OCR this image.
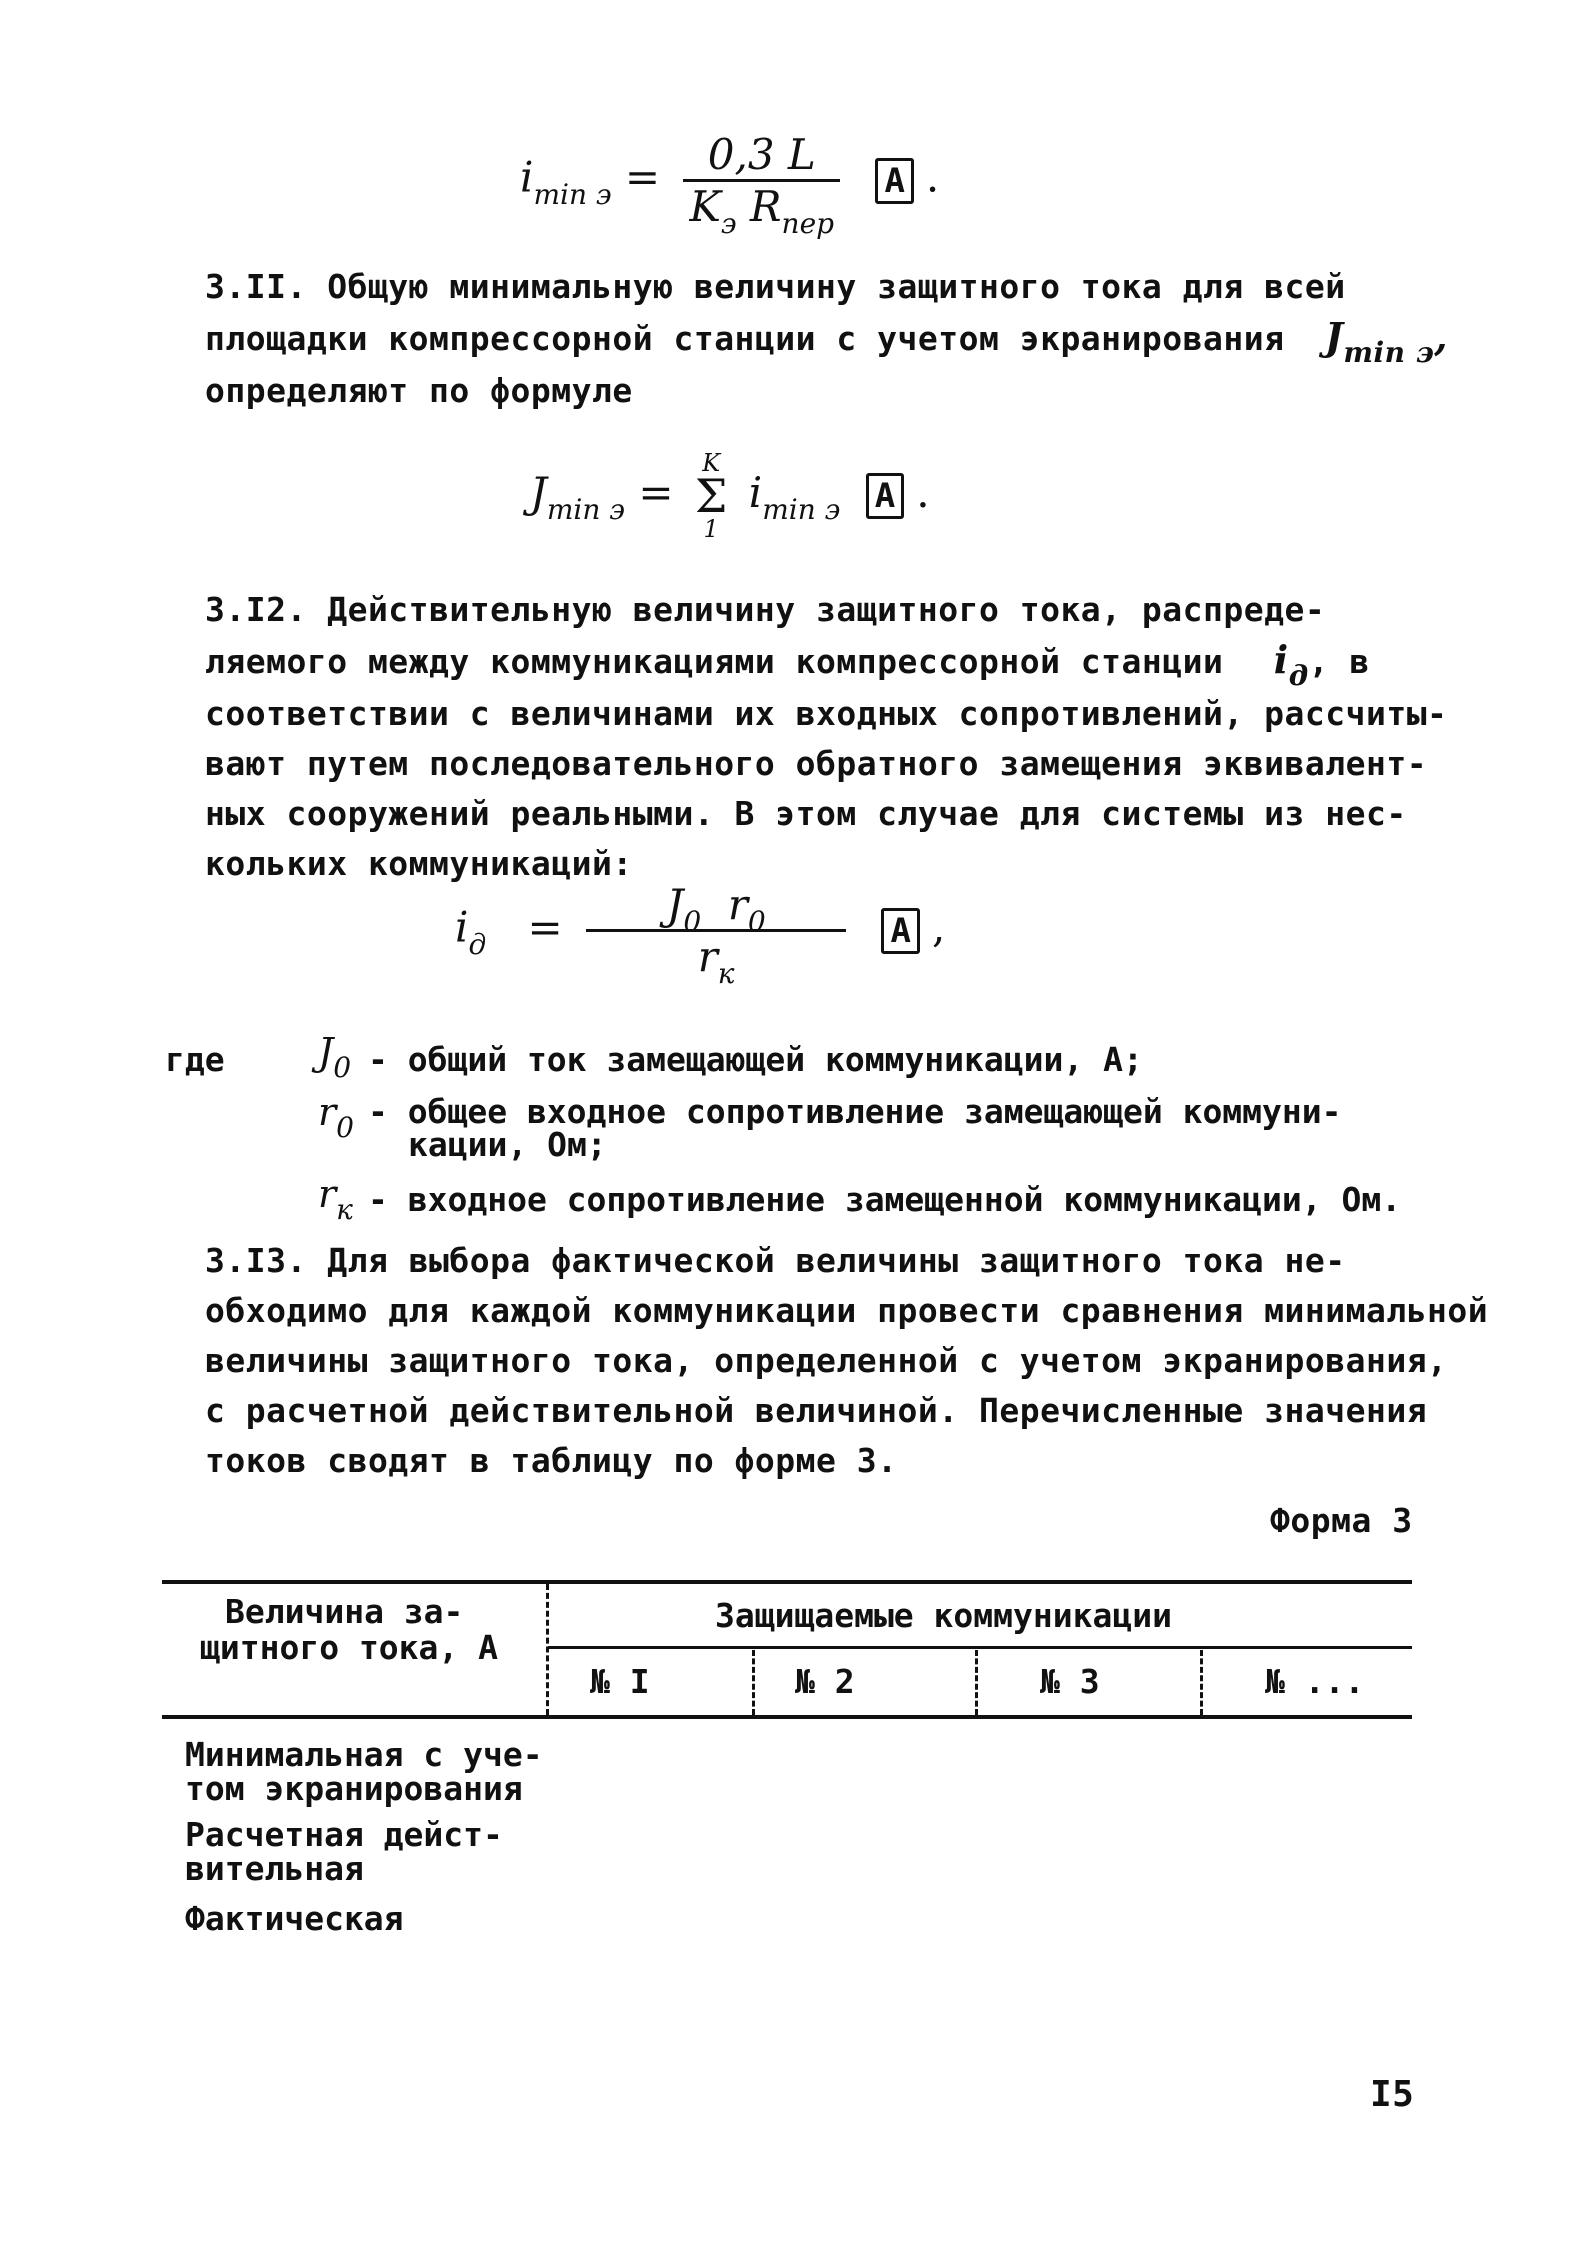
$i_{min э} = \frac{0,3 L}{K_э R_{пер}}$ A .
3.II. Общую минимальную величину защитного тока для всей
площадки компрессорной станции с учетом экранирования $J_{min э}$,
определяют по формуле
$J_{min э}$ =
K
Σ
1
$i_{min э}$ A .
3.I2. Действительную величину защитного тока, распреде-
ляемого между коммуникациями компрессорной станции $i_д$, в
соответствии с величинами их входных сопротивлений, рассчиты-
вают путем последовательного обратного замещения эквивалент-
ных сооружений реальными. В этом случае для системы из нес-
кольких коммуникаций:
$i_д = \frac{J_0 r_0}{r_к}$ A ,
где $J_0$ - общий ток замещающей коммуникации, А;
$r_0$ - общее входное сопротивление замещающей коммуни-
кации, Ом;
$r_к$ - входное сопротивление замещенной коммуникации, Ом.
3.I3. Для выбора фактической величины защитного тока не-
обходимо для каждой коммуникации провести сравнения минимальной
величины защитного тока, определенной с учетом экранирования,
с расчетной действительной величиной. Перечисленные значения
токов сводят в таблицу по форме 3.
Форма 3
Величина за-
щитного тока, А
Защищаемые коммуникации
№ I	№ 2	№ 3	№ ...
Минимальная с уче-
том экранирования
Расчетная дейст-
вительная
Фактическая
I5
